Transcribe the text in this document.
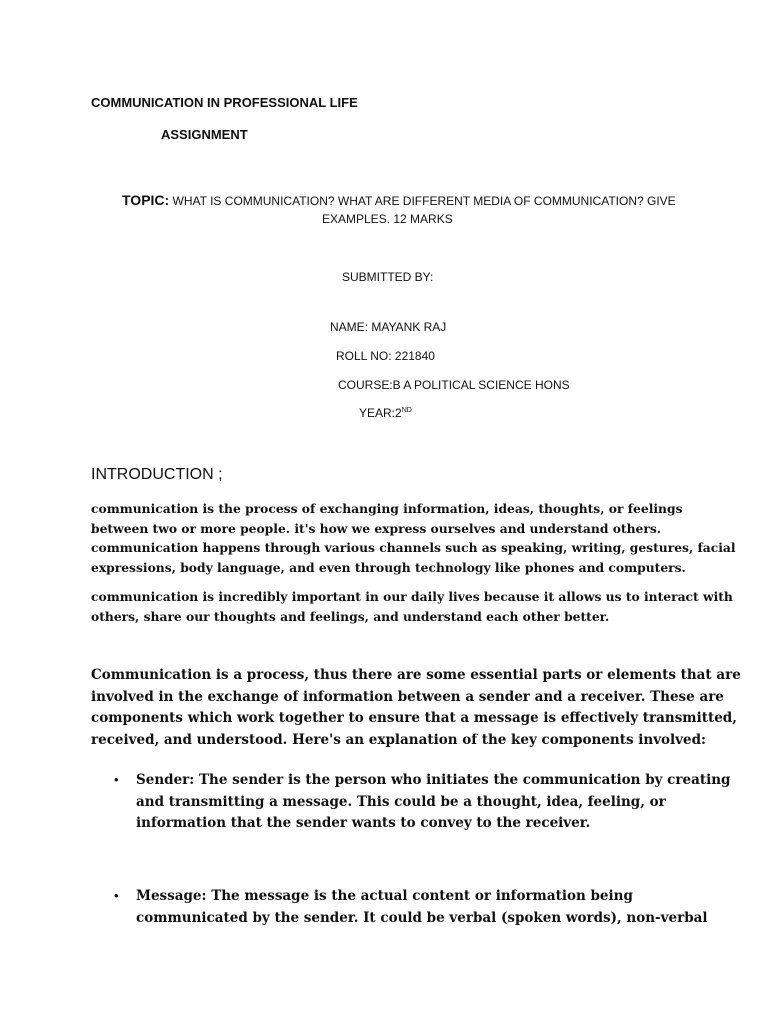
COMMUNICATION IN PROFESSIONAL LIFE
ASSIGNMENT
TOPIC: WHAT IS COMMUNICATION? WHAT ARE DIFFERENT MEDIA OF COMMUNICATION? GIVE
EXAMPLES. 12 MARKS
SUBMITTED BY:
NAME: MAYANK RAJ
ROLL NO: 221840
COURSE:B A POLITICAL SCIENCE HONS
YEAR:2ND
INTRODUCTION ;
communication is the process of exchanging information, ideas, thoughts, or feelings
between two or more people. it's how we express ourselves and understand others.
communication happens through various channels such as speaking, writing, gestures, facial
expressions, body language, and even through technology like phones and computers.
communication is incredibly important in our daily lives because it allows us to interact with
others, share our thoughts and feelings, and understand each other better.
Communication is a process, thus there are some essential parts or elements that are
involved in the exchange of information between a sender and a receiver. These are
components which work together to ensure that a message is effectively transmitted,
received, and understood. Here's an explanation of the key components involved:
• Sender: The sender is the person who initiates the communication by creating
and transmitting a message. This could be a thought, idea, feeling, or
information that the sender wants to convey to the receiver.
• Message: The message is the actual content or information being
communicated by the sender. It could be verbal (spoken words), non-verbal
